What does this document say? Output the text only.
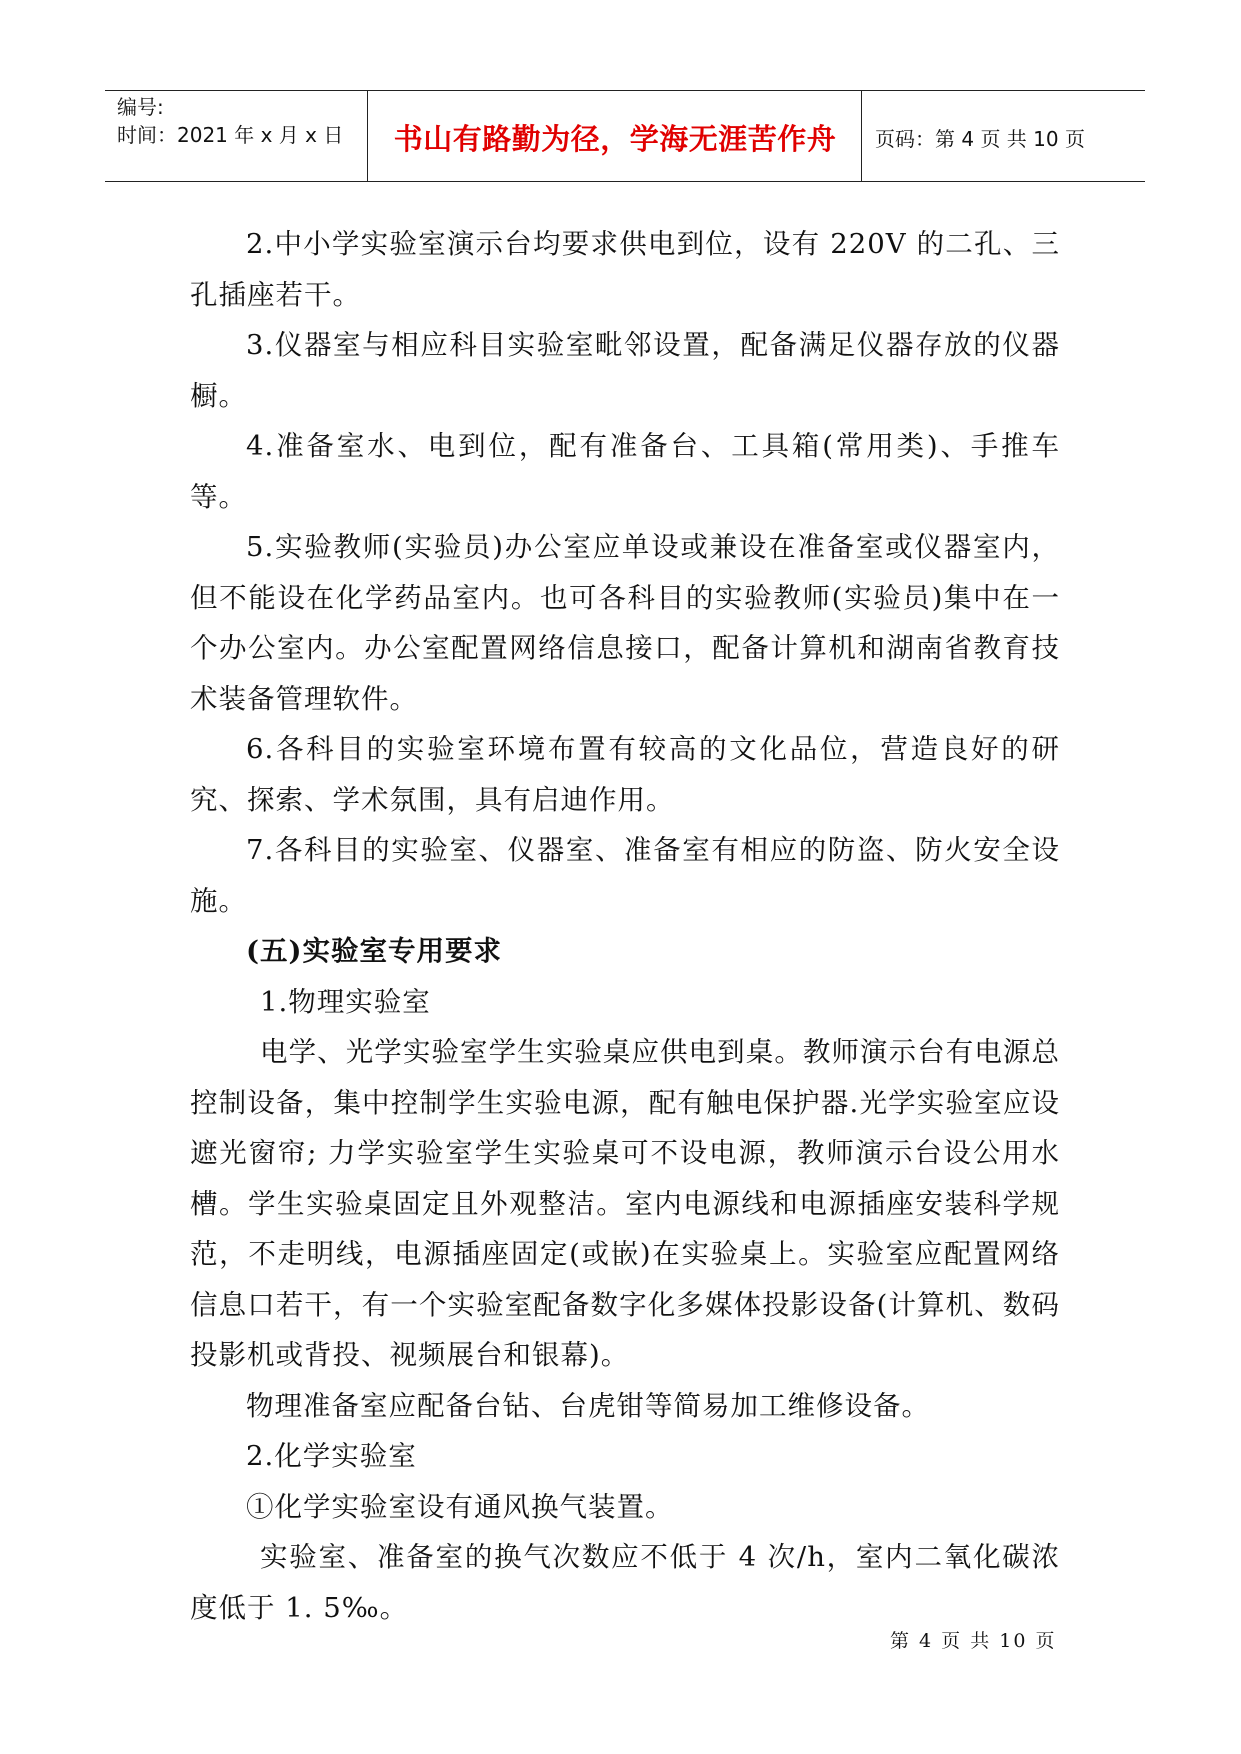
编号:
时间：2021 年 x 月 x 日	书山有路勤为径，学海无涯苦作舟	页码：第 4 页 共 10 页

2.中小学实验室演示台均要求供电到位，设有 220V 的二孔、三孔插座若干。

3.仪器室与相应科目实验室毗邻设置，配备满足仪器存放的仪器橱。

4.准备室水、电到位，配有准备台、工具箱(常用类)、手推车等。

5.实验教师(实验员)办公室应单设或兼设在准备室或仪器室内，但不能设在化学药品室内。也可各科目的实验教师(实验员)集中在一个办公室内。办公室配置网络信息接口，配备计算机和湖南省教育技术装备管理软件。

6.各科目的实验室环境布置有较高的文化品位，营造良好的研究、探索、学术氛围，具有启迪作用。

7.各科目的实验室、仪器室、准备室有相应的防盗、防火安全设施。

(五)实验室专用要求

1.物理实验室

电学、光学实验室学生实验桌应供电到桌。教师演示台有电源总控制设备，集中控制学生实验电源，配有触电保护器.光学实验室应设遮光窗帘; 力学实验室学生实验桌可不设电源，教师演示台设公用水槽。学生实验桌固定且外观整洁。室内电源线和电源插座安装科学规范，不走明线，电源插座固定(或嵌)在实验桌上。实验室应配置网络信息口若干，有一个实验室配备数字化多媒体投影设备(计算机、数码投影机或背投、视频展台和银幕)。

物理准备室应配备台钻、台虎钳等简易加工维修设备。

2.化学实验室

①化学实验室设有通风换气装置。

实验室、准备室的换气次数应不低于 4 次/h，室内二氧化碳浓度低于 1. 5‰。

第 4 页 共 10 页
